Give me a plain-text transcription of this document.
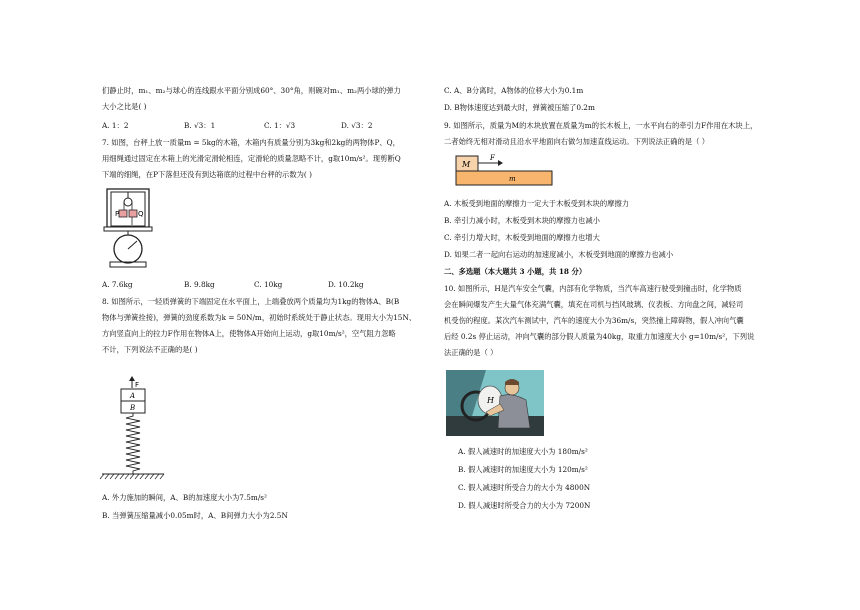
们静止时，m₁、m₂与球心的连线跟水平面分别成60°、30°角，则碗对m₁、m₂两小球的弹力
大小之比是( )
A. 1：2	B. √3：1	C. 1：√3	D. √3：2
7. 如图，台秤上放一质量m = 5kg的木箱，木箱内有质量分别为3kg和2kg的两物体P、Q，
用细绳通过固定在木箱上的光滑定滑轮相连，定滑轮的质量忽略不计，g取10m/s²。现剪断Q
下端的细绳，在P下落但还没有到达箱底的过程中台秤的示数为( )
P	Q
A. 7.6kg	B. 9.8kg	C. 10kg	D. 10.2kg
8. 如图所示，一轻质弹簧的下端固定在水平面上，上端叠放两个质量均为1kg的物体A、B(B
物体与弹簧拴接)，弹簧的劲度系数为k = 50N/m，初始时系统处于静止状态。现用大小为15N、
方向竖直向上的拉力F作用在物体A上，使物体A开始向上运动，g取10m/s²，空气阻力忽略
不计，下列说法不正确的是( )
F
A
B
A. 外力施加的瞬间，A、B的加速度大小为7.5m/s²
B. 当弹簧压缩量减小0.05m时，A、B间弹力大小为2.5N
C. A、B分离时，A物体的位移大小为0.1m
D. B物体速度达到最大时，弹簧被压缩了0.2m
9. 如图所示，质量为M的木块放置在质量为m的长木板上，一水平向右的牵引力F作用在木块上，
二者始终无相对滑动且沿水平地面向右做匀加速直线运动。下列说法正确的是（ ）
M
F
m
A. 木板受到地面的摩擦力一定大于木板受到木块的摩擦力
B. 牵引力减小时，木板受到木块的摩擦力也减小
C. 牵引力增大时，木板受到地面的摩擦力也增大
D. 如果二者一起向右运动的加速度减小，木板受到地面的摩擦力也减小
二、多选题（本大题共 3 小题，共 18 分）
10. 如图所示，H是汽车安全气囊，内部有化学物质，当汽车高速行驶受到撞击时，化学物质
会在瞬间爆发产生大量气体充满气囊，填充在司机与挡风玻璃、仪表板、方向盘之间，减轻司
机受伤的程度。某次汽车测试中，汽车的速度大小为36m/s，突然撞上障碍物，假人冲向气囊
后经 0.2s 停止运动，冲向气囊的部分假人质量为40kg，取重力加速度大小 g=10m/s²，下列说
法正确的是（ ）
H
A. 假人减速时的加速度大小为 180m/s²
B. 假人减速时的加速度大小为 120m/s²
C. 假人减速时所受合力的大小为 4800N
D. 假人减速时所受合力的大小为 7200N
